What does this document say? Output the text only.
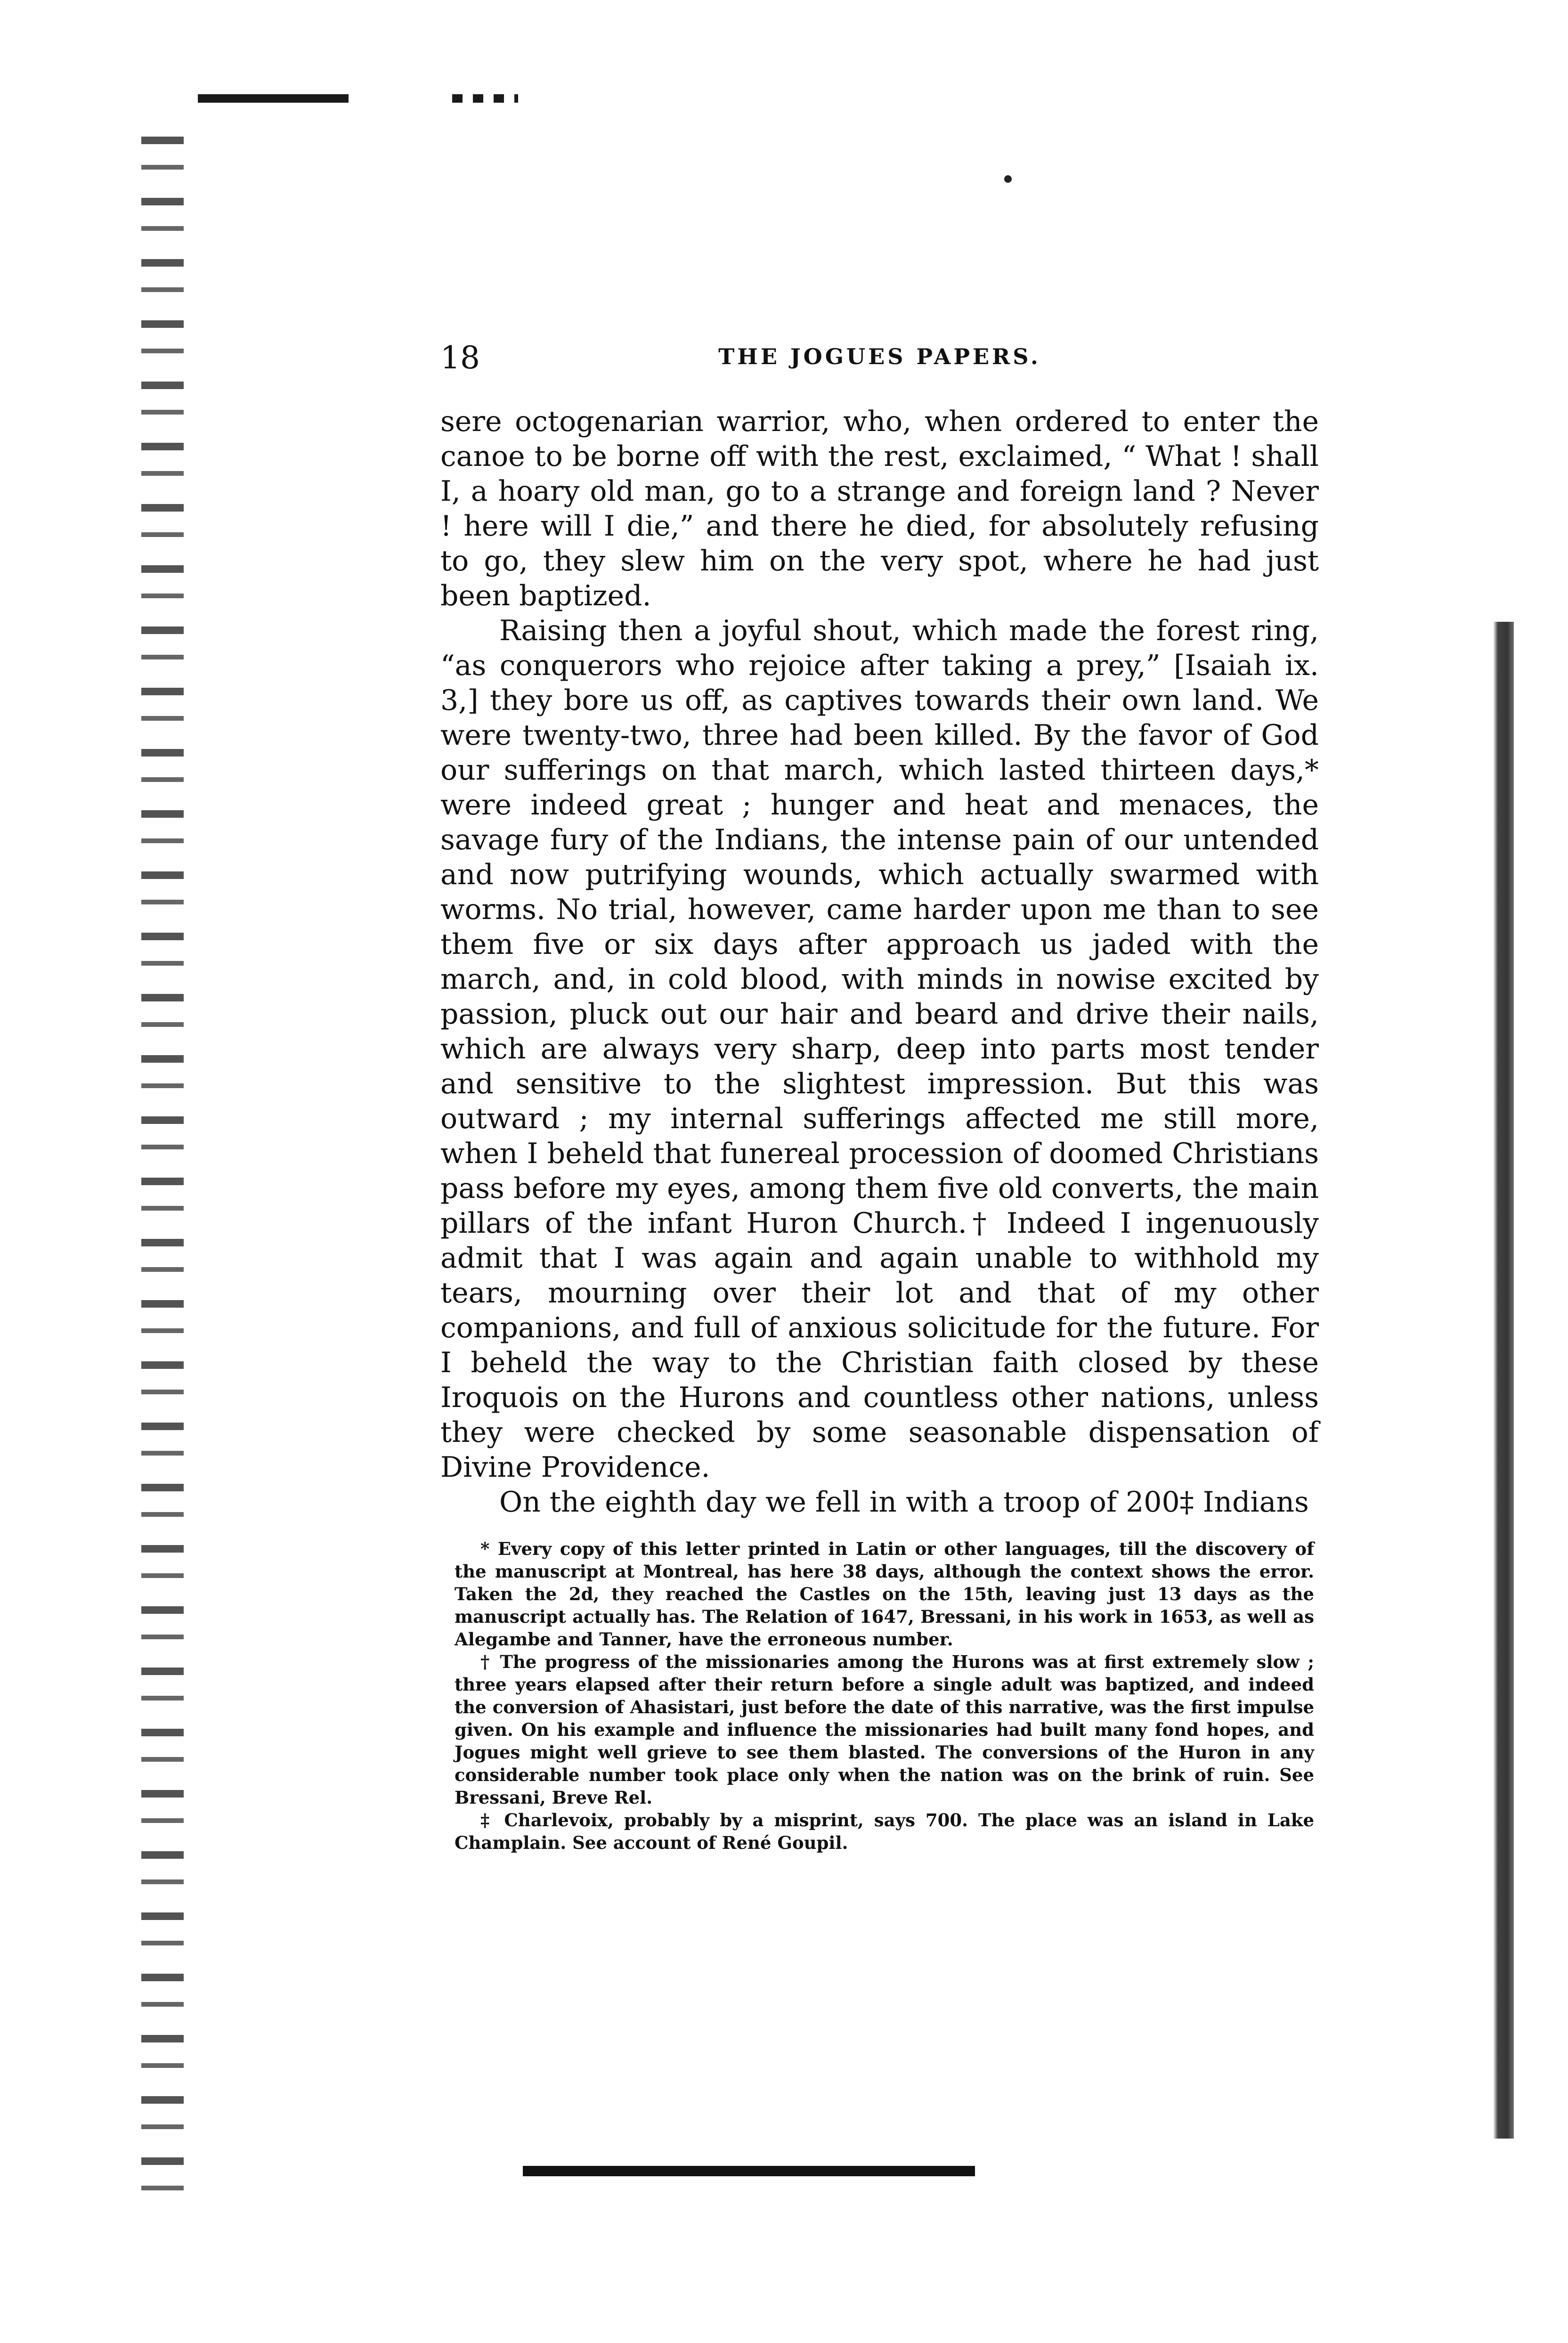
18	THE JOGUES PAPERS.

sere octogenarian warrior, who, when ordered to enter the canoe to be borne off with the rest, exclaimed, “ What ! shall I, a hoary old man, go to a strange and foreign land ? Never ! here will I die,” and there he died, for absolutely refusing to go, they slew him on the very spot, where he had just been baptized.

Raising then a joyful shout, which made the forest ring, “as conquerors who rejoice after taking a prey,” [Isaiah ix. 3,] they bore us off, as captives towards their own land. We were twenty-two, three had been killed. By the favor of God our sufferings on that march, which lasted thirteen days,* were indeed great ; hunger and heat and menaces, the savage fury of the Indians, the intense pain of our untended and now putrifying wounds, which actually swarmed with worms. No trial, however, came harder upon me than to see them five or six days after approach us jaded with the march, and, in cold blood, with minds in nowise excited by passion, pluck out our hair and beard and drive their nails, which are always very sharp, deep into parts most tender and sensitive to the slightest impression. But this was outward ; my internal sufferings affected me still more, when I beheld that funereal procession of doomed Christians pass before my eyes, among them five old converts, the main pillars of the infant Huron Church.† Indeed I ingenuously admit that I was again and again unable to withhold my tears, mourning over their lot and that of my other companions, and full of anxious solicitude for the future. For I beheld the way to the Christian faith closed by these Iroquois on the Hurons and countless other nations, unless they were checked by some seasonable dispensation of Divine Providence.

On the eighth day we fell in with a troop of 200‡ Indians

* Every copy of this letter printed in Latin or other languages, till the discovery of the manuscript at Montreal, has here 38 days, although the context shows the error. Taken the 2d, they reached the Castles on the 15th, leaving just 13 days as the manuscript actually has. The Relation of 1647, Bressani, in his work in 1653, as well as Alegambe and Tanner, have the erroneous number.

† The progress of the missionaries among the Hurons was at first extremely slow ; three years elapsed after their return before a single adult was baptized, and indeed the conversion of Ahasistari, just before the date of this narrative, was the first impulse given. On his example and influence the missionaries had built many fond hopes, and Jogues might well grieve to see them blasted. The conversions of the Huron in any considerable number took place only when the nation was on the brink of ruin. See Bressani, Breve Rel.

‡ Charlevoix, probably by a misprint, says 700. The place was an island in Lake Champlain. See account of René Goupil.
